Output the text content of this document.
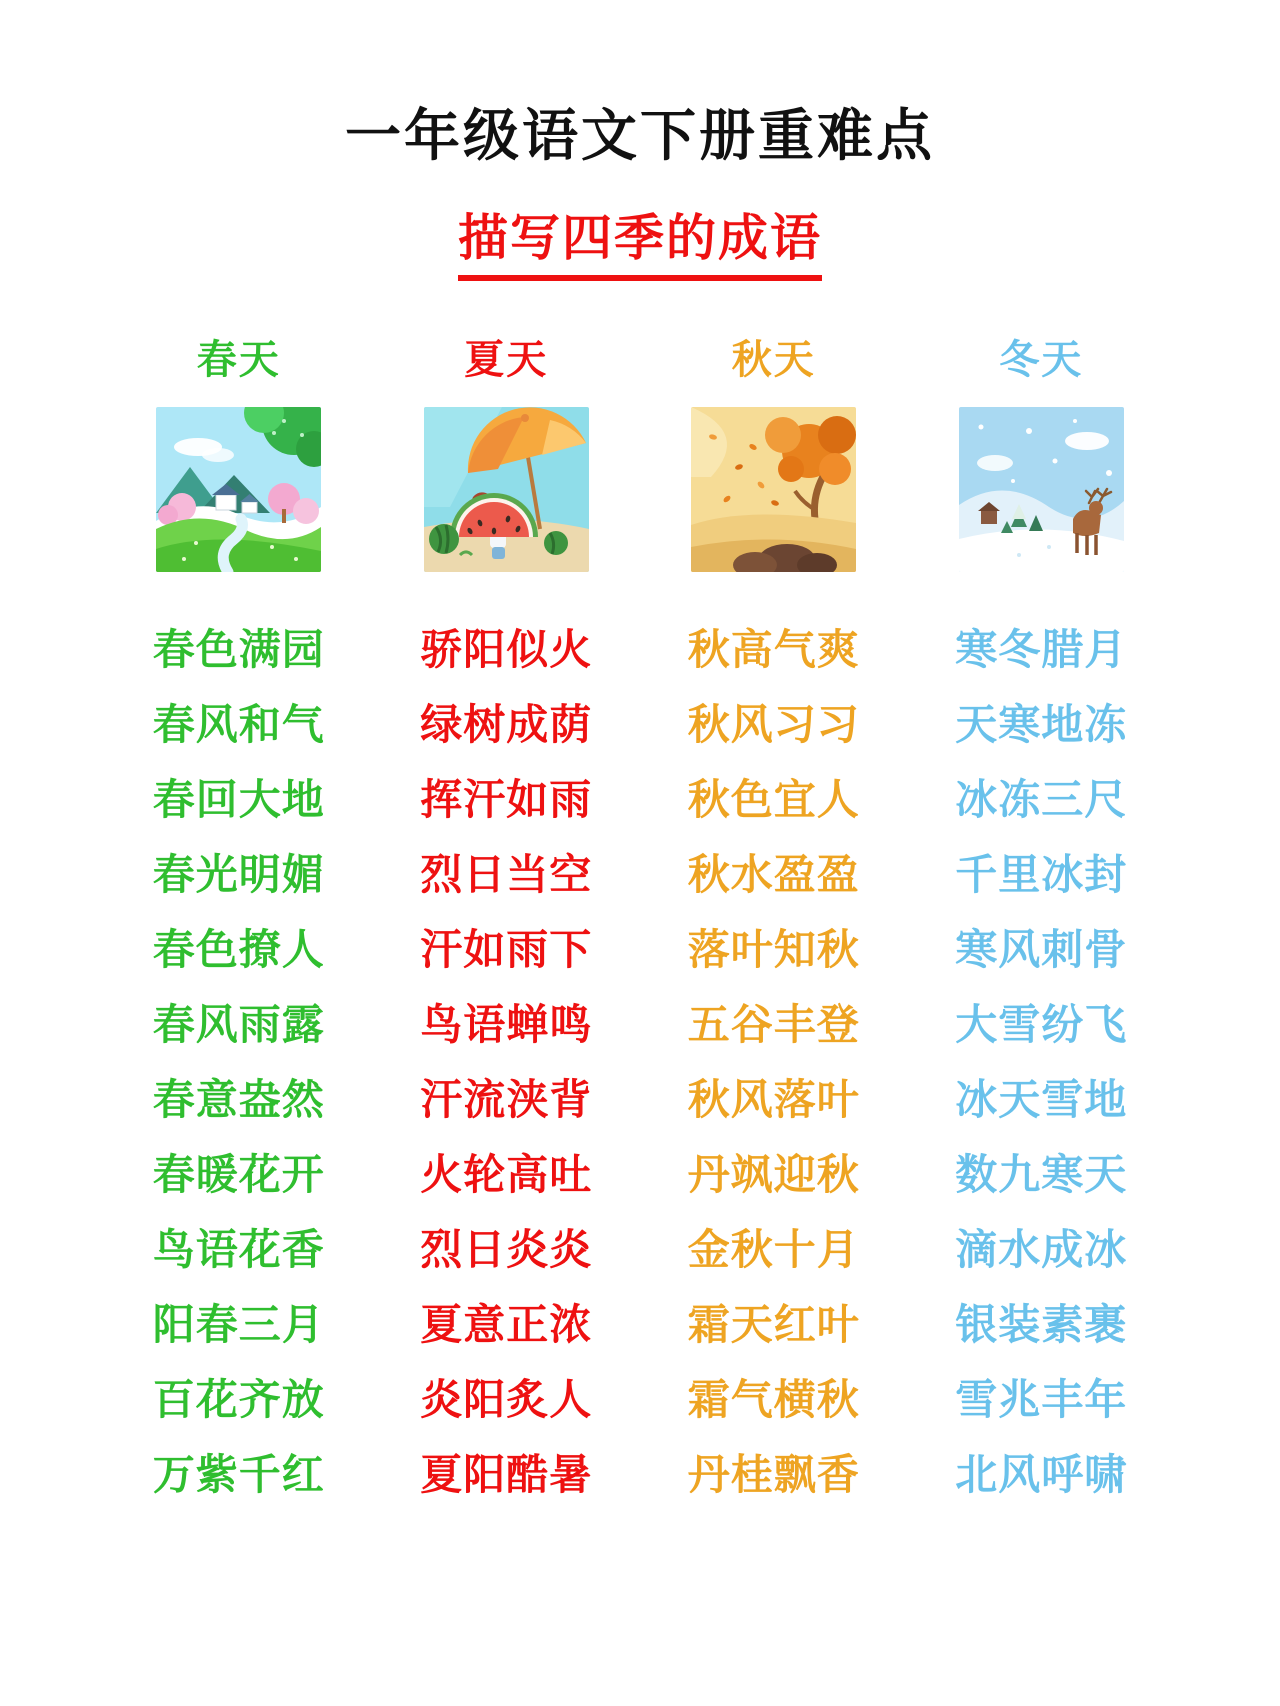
一年级语文下册重难点
描写四季的成语
春天
春色满园
春风和气
春回大地
春光明媚
春色撩人
春风雨露
春意盎然
春暖花开
鸟语花香
阳春三月
百花齐放
万紫千红
夏天
骄阳似火
绿树成荫
挥汗如雨
烈日当空
汗如雨下
鸟语蝉鸣
汗流浃背
火轮高吐
烈日炎炎
夏意正浓
炎阳炙人
夏阳酷暑
秋天
秋高气爽
秋风习习
秋色宜人
秋水盈盈
落叶知秋
五谷丰登
秋风落叶
丹飒迎秋
金秋十月
霜天红叶
霜气横秋
丹桂飘香
冬天
寒冬腊月
天寒地冻
冰冻三尺
千里冰封
寒风刺骨
大雪纷飞
冰天雪地
数九寒天
滴水成冰
银装素裹
雪兆丰年
北风呼啸
